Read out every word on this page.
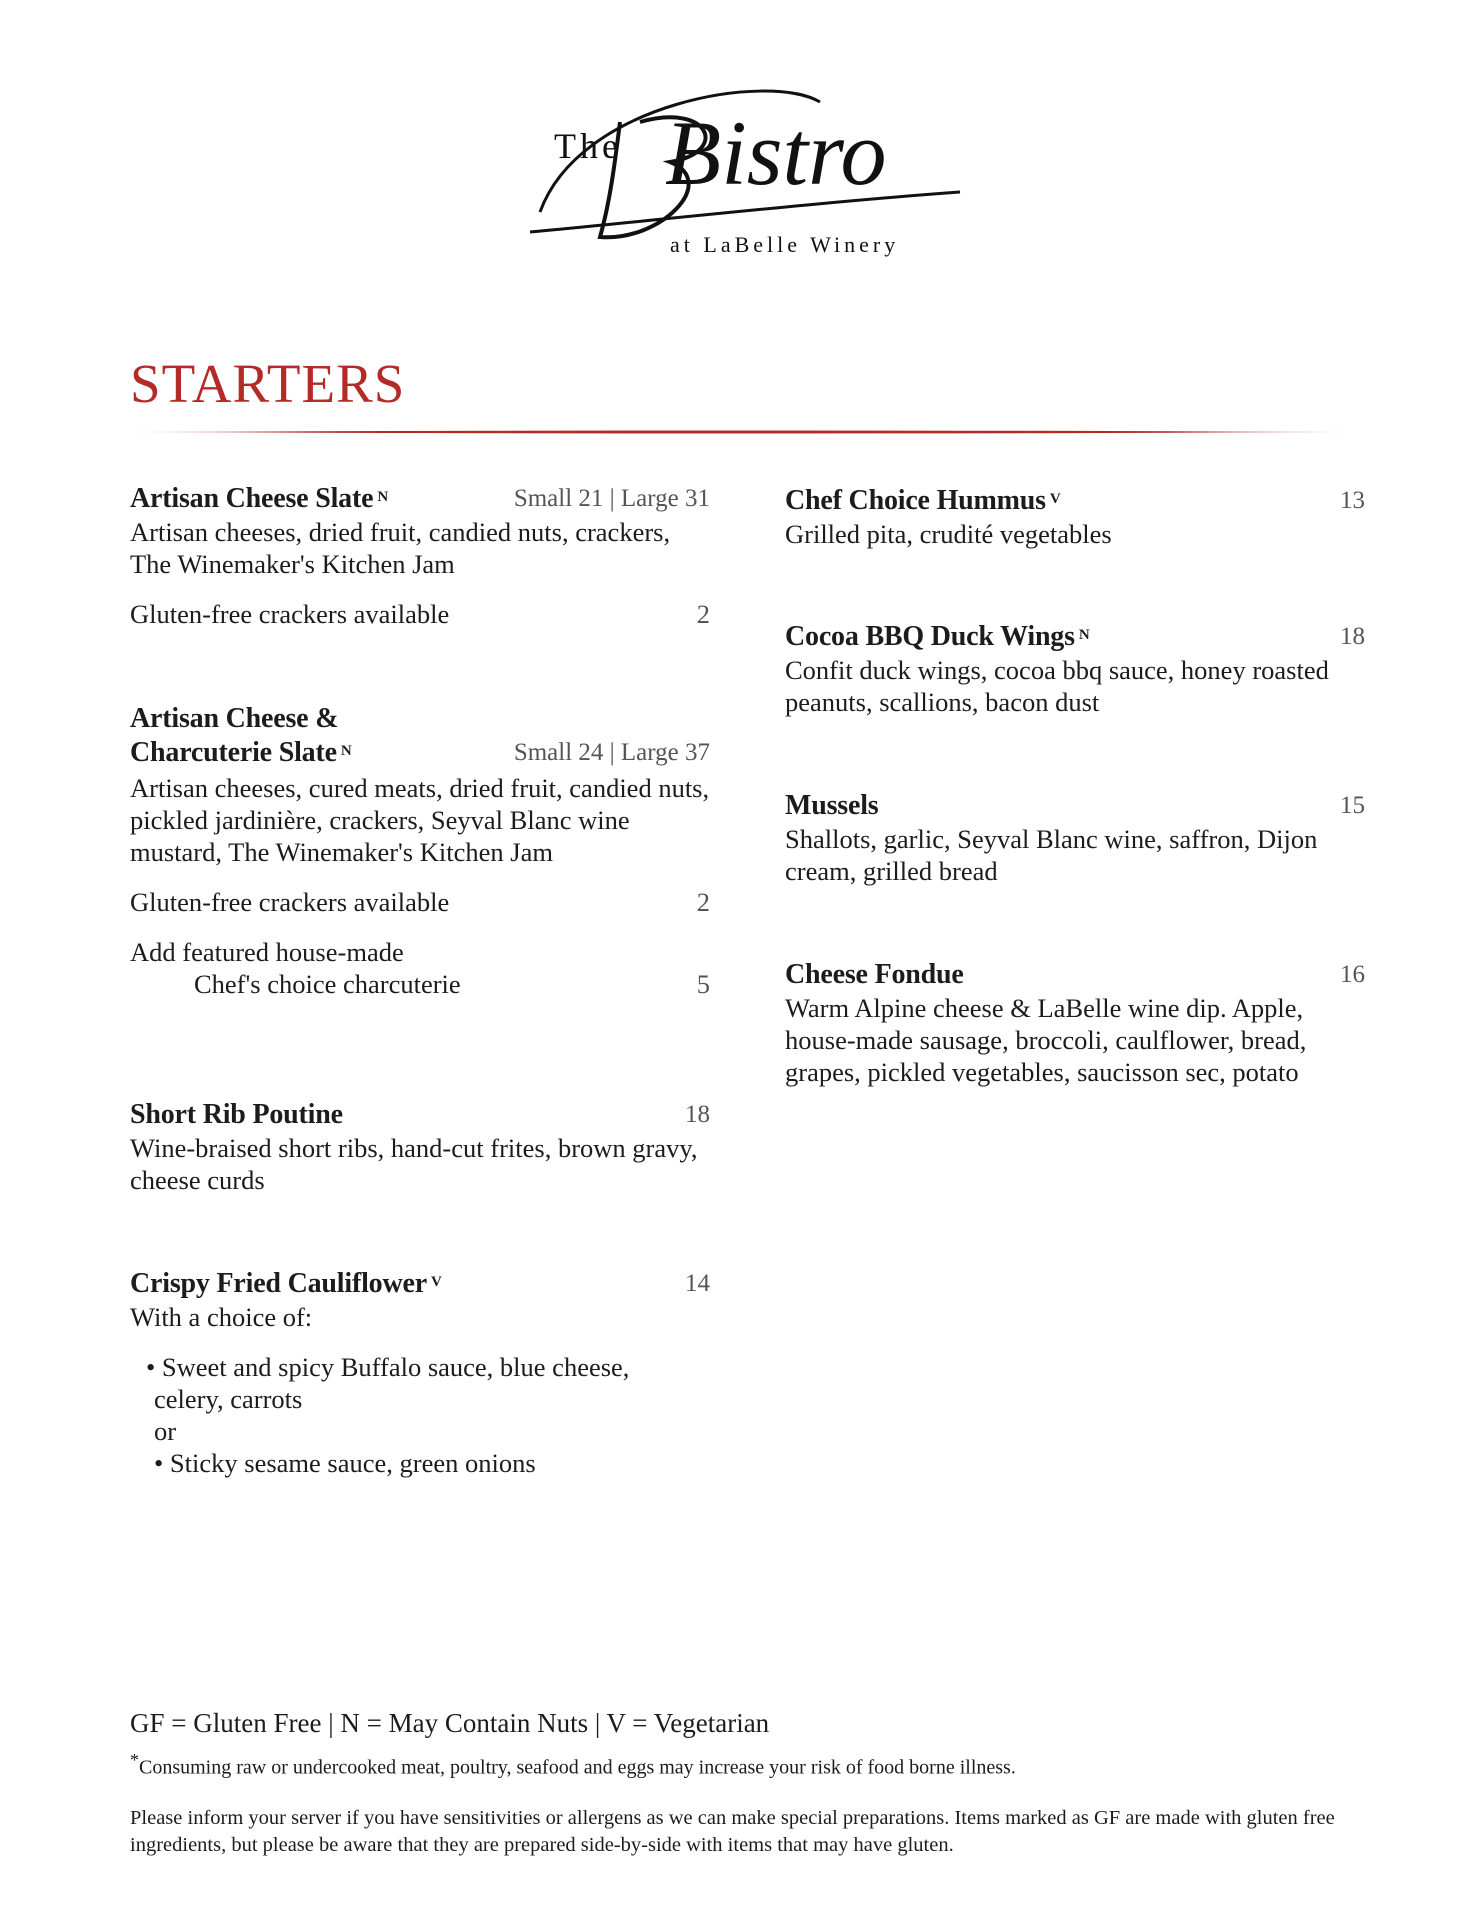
The Bistro
at LaBelle Winery
STARTERS
Artisan Cheese Slate $^N$	Small 21 | Large 31

Artisan cheeses, dried fruit, candied nuts, crackers, The Winemaker's Kitchen Jam

Gluten-free crackers available	2
Artisan Cheese &
Charcuterie Slate $^N$	Small 24 | Large 37

Artisan cheeses, cured meats, dried fruit, candied nuts, pickled jardinière, crackers, Seyval Blanc wine mustard, The Winemaker's Kitchen Jam

Gluten-free crackers available	2
Add featured house-made
Chef's choice charcuterie	5
Short Rib Poutine	18

Wine-braised short ribs, hand-cut frites, brown gravy, cheese curds

Crispy Fried Cauliflower $^V$	14

With a choice of:

• Sweet and spicy Buffalo sauce, blue cheese,
celery, carrots
or
• Sticky sesame sauce, green onions
Chef Choice Hummus $^V$	13

Grilled pita, crudité vegetables

Cocoa BBQ Duck Wings $^N$	18

Confit duck wings, cocoa bbq sauce, honey roasted peanuts, scallions, bacon dust

Mussels	15

Shallots, garlic, Seyval Blanc wine, saffron, Dijon cream, grilled bread

Cheese Fondue	16

Warm Alpine cheese & LaBelle wine dip. Apple, house-made sausage, broccoli, caulflower, bread, grapes, pickled vegetables, saucisson sec, potato

GF = Gluten Free | N = May Contain Nuts | V = Vegetarian
*Consuming raw or undercooked meat, poultry, seafood and eggs may increase your risk of food borne illness.
Please inform your server if you have sensitivities or allergens as we can make special preparations. Items marked as GF are made with gluten free ingredients, but please be aware that they are prepared side-by-side with items that may have gluten.
